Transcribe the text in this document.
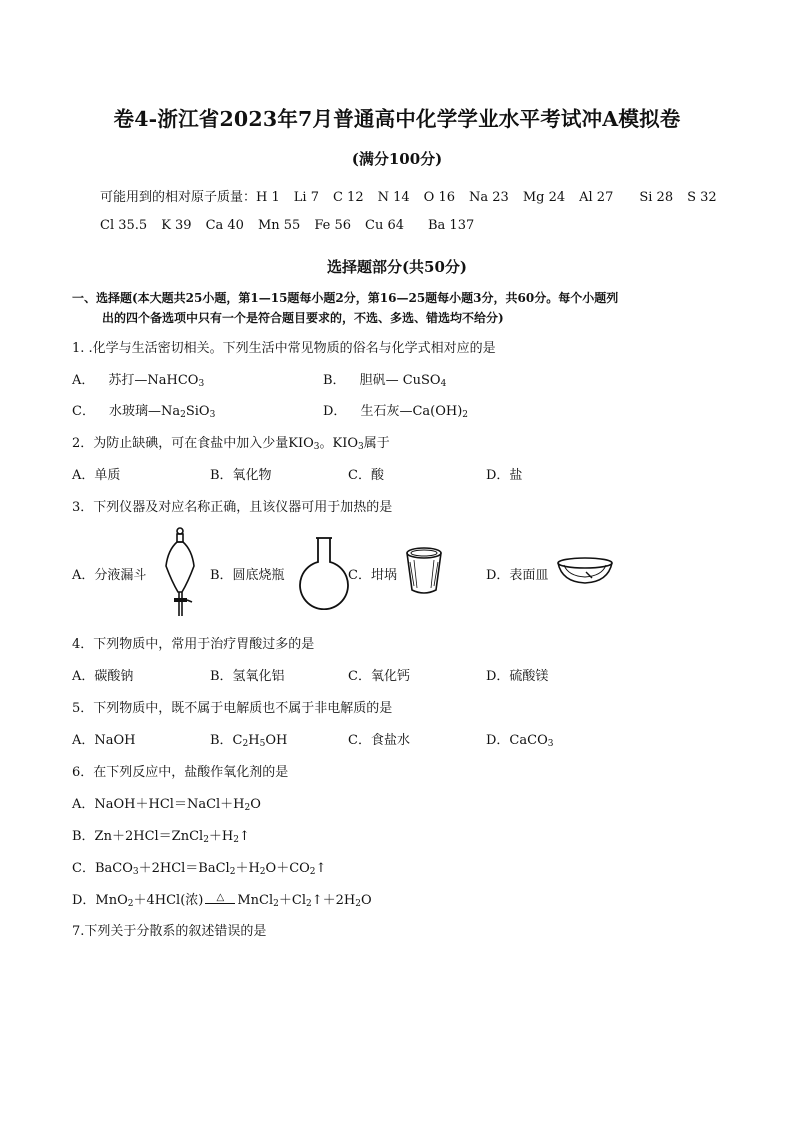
卷4-浙江省2023年7月普通高中化学学业水平考试冲A模拟卷
(满分100分)
可能用到的相对原子质量：H 1 Li 7 C 12 N 14 O 16 Na 23 Mg 24 Al 27 Si 28 S 32
Cl 35.5 K 39 Ca 40 Mn 55 Fe 56 Cu 64 Ba 137
选择题部分(共50分)
一、选择题(本大题共25小题，第1—15题每小题2分，第16—25题每小题3分，共60分。每个小题列
出的四个备选项中只有一个是符合题目要求的，不选、多选、错选均不给分)
1. .化学与生活密切相关。下列生活中常见物质的俗名与化学式相对应的是
A． 苏打—NaHCO$_3$	B． 胆矾— CuSO$_4$
C． 水玻璃$—Na_2SiO_3$	D． 生石灰$—Ca(OH)_2$
2．为防止缺碘，可在食盐中加入少量$KIO_3$。$KIO_3$属于
A．单质	B．氧化物	C．酸	D．盐
3．下列仪器及对应名称正确，且该仪器可用于加热的是
A．分液漏斗	B．圆底烧瓶	C．坩埚	D．表面皿
4．下列物质中，常用于治疗胃酸过多的是
A．碳酸钠	B．氢氧化铝	C．氧化钙	D．硫酸镁
5．下列物质中，既不属于电解质也不属于非电解质的是
A．NaOH	B．$C_2H_5OH$	C．食盐水	D．CaCO$_3$
6．在下列反应中，盐酸作氧化剂的是
A．$NaOH+HCl=NaCl+H_2O$
B．$Zn+2HCl=ZnCl_2+H_2↑$
C．$BaCO_3+2HCl=BaCl_2+H_2O+CO_2↑$
D．MnO$_2$＋4HCl(浓) △ $MnCl_2+Cl_2↑+2H_2O$
7.下列关于分散系的叙述错误的是
